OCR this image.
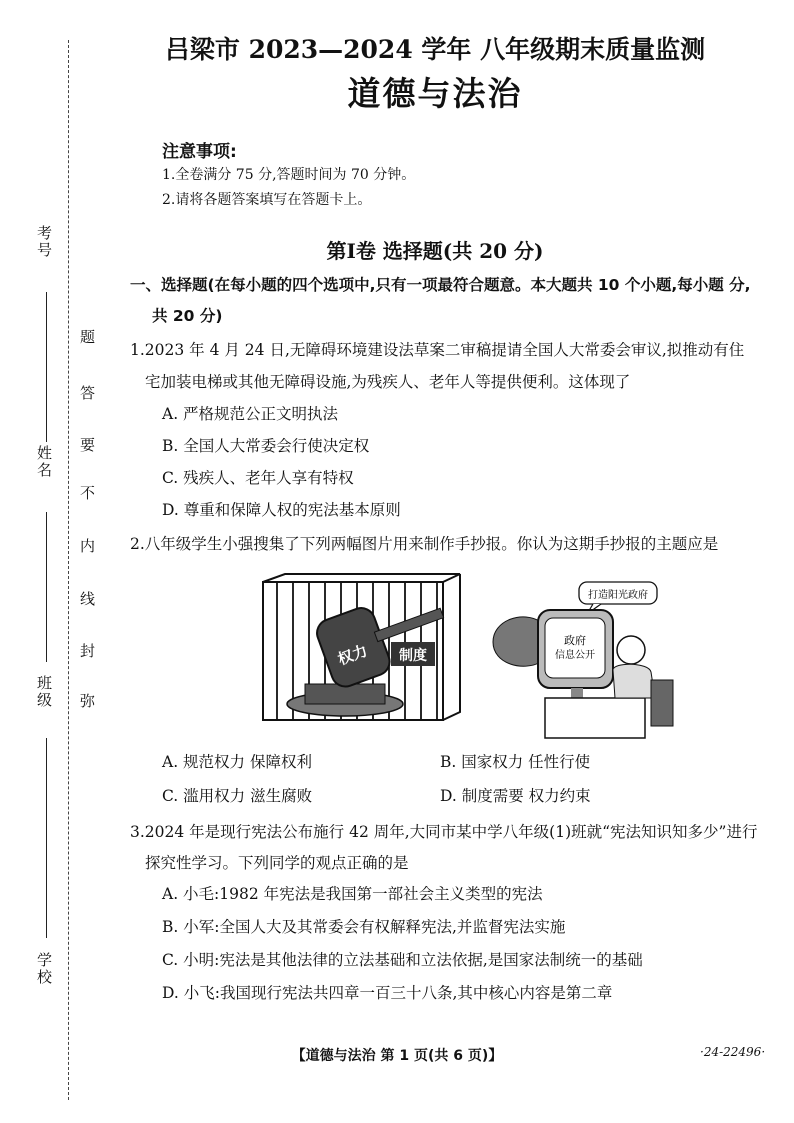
考号
姓名
班级
学校
题
答
要
不
内
线
封
弥
吕梁市 2023—2024 学年 八年级期末质量监测
道德与法治
注意事项:
1.全卷满分 75 分,答题时间为 70 分钟。
2.请将各题答案填写在答题卡上。
第Ⅰ卷 选择题(共 20 分)
一、选择题(在每小题的四个选项中,只有一项最符合题意。本大题共 10 个小题,每小题 分,
共 20 分)
1.2023 年 4 月 24 日,无障碍环境建设法草案二审稿提请全国人大常委会审议,拟推动有住
宅加装电梯或其他无障碍设施,为残疾人、老年人等提供便利。这体现了
A. 严格规范公正文明执法
B. 全国人大常委会行使决定权
C. 残疾人、老年人享有特权
D. 尊重和保障人权的宪法基本原则
2.八年级学生小强搜集了下列两幅图片用来制作手抄报。你认为这期手抄报的主题应是
制度
权力
打造阳光政府
政府
信息公开
A. 规范权力 保障权利	B. 国家权力 任性行使
C. 滥用权力 滋生腐败	D. 制度需要 权力约束
3.2024 年是现行宪法公布施行 42 周年,大同市某中学八年级(1)班就“宪法知识知多少”进行
探究性学习。下列同学的观点正确的是
A. 小毛:1982 年宪法是我国第一部社会主义类型的宪法
B. 小军:全国人大及其常委会有权解释宪法,并监督宪法实施
C. 小明:宪法是其他法律的立法基础和立法依据,是国家法制统一的基础
D. 小飞:我国现行宪法共四章一百三十八条,其中核心内容是第二章
【道德与法治 第 1 页(共 6 页)】	·24-22496·
